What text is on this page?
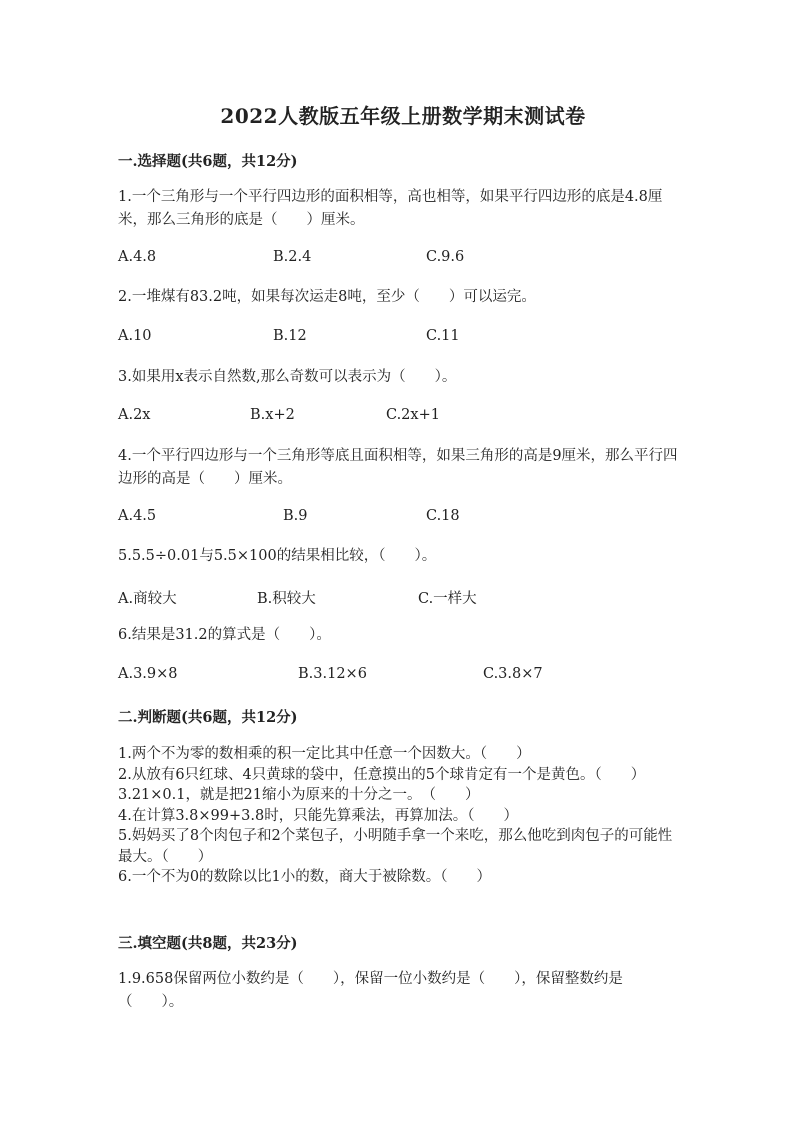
2022人教版五年级上册数学期末测试卷
一.选择题(共6题，共12分)
1.一个三角形与一个平行四边形的面积相等，高也相等，如果平行四边形的底是4.8厘米，那么三角形的底是（　　）厘米。
A.4.8	B.2.4	C.9.6
2.一堆煤有83.2吨，如果每次运走8吨，至少（　　）可以运完。
A.10	B.12	C.11
3.如果用x表示自然数,那么奇数可以表示为（　　）。
A.2x	B.x+2	C.2x+1
4.一个平行四边形与一个三角形等底且面积相等，如果三角形的高是9厘米，那么平行四边形的高是（　　）厘米。
A.4.5	B.9	C.18
5.5.5÷0.01与5.5×100的结果相比较，（　　）。
A.商较大	B.积较大	C.一样大
6.结果是31.2的算式是（　　）。
A.3.9×8	B.3.12×6	C.3.8×7
二.判断题(共6题，共12分)
1.两个不为零的数相乘的积一定比其中任意一个因数大。（　　）
2.从放有6只红球、4只黄球的袋中，任意摸出的5个球肯定有一个是黄色。（　　）
3.21×0.1，就是把21缩小为原来的十分之一。　（　　）
4.在计算3.8×99+3.8时，只能先算乘法，再算加法。（　　）
5.妈妈买了8个肉包子和2个菜包子，小明随手拿一个来吃，那么他吃到肉包子的可能性最大。（　　）
6.一个不为0的数除以比1小的数，商大于被除数。（　　）
三.填空题(共8题，共23分)
1.9.658保留两位小数约是（　　），保留一位小数约是（　　），保留整数约是（　　）。
